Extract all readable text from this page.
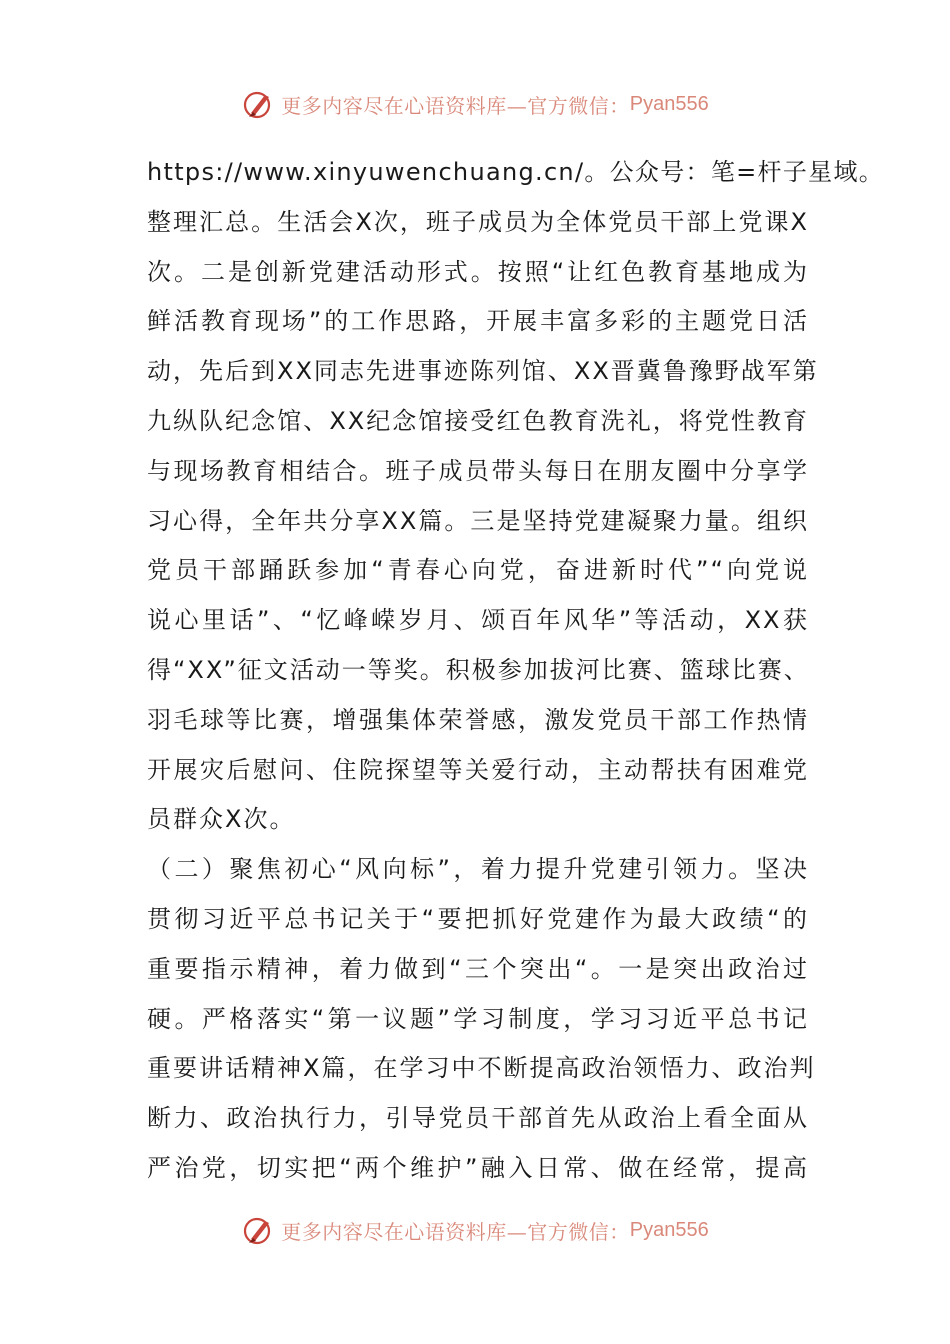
更多内容尽在心语资料库—官方微信： Pyan556
https://www.xinyuwenchuang.cn/。公众号：笔=杆子星域。
整理汇总。生活会X次，班子成员为全体党员干部上党课X
次。二是创新党建活动形式。按照“让红色教育基地成为
鲜活教育现场”的工作思路，开展丰富多彩的主题党日活
动，先后到XX同志先进事迹陈列馆、XX晋冀鲁豫野战军第
九纵队纪念馆、XX纪念馆接受红色教育洗礼，将党性教育
与现场教育相结合。班子成员带头每日在朋友圈中分享学
习心得，全年共分享XX篇。三是坚持党建凝聚力量。组织
党员干部踊跃参加“青春心向党，奋进新时代”“向党说
说心里话”、“忆峰嵘岁月、颂百年风华”等活动，XX获
得“XX”征文活动一等奖。积极参加拔河比赛、篮球比赛、
羽毛球等比赛，增强集体荣誉感，激发党员干部工作热情
开展灾后慰问、住院探望等关爱行动，主动帮扶有困难党
员群众X次。
（二）聚焦初心“风向标”，着力提升党建引领力。坚决
贯彻习近平总书记关于“要把抓好党建作为最大政绩“的
重要指示精神，着力做到“三个突出“。一是突出政治过
硬。严格落实“第一议题”学习制度，学习习近平总书记
重要讲话精神X篇，在学习中不断提高政治领悟力、政治判
断力、政治执行力，引导党员干部首先从政治上看全面从
严治党，切实把“两个维护”融入日常、做在经常，提高
更多内容尽在心语资料库—官方微信： Pyan556
